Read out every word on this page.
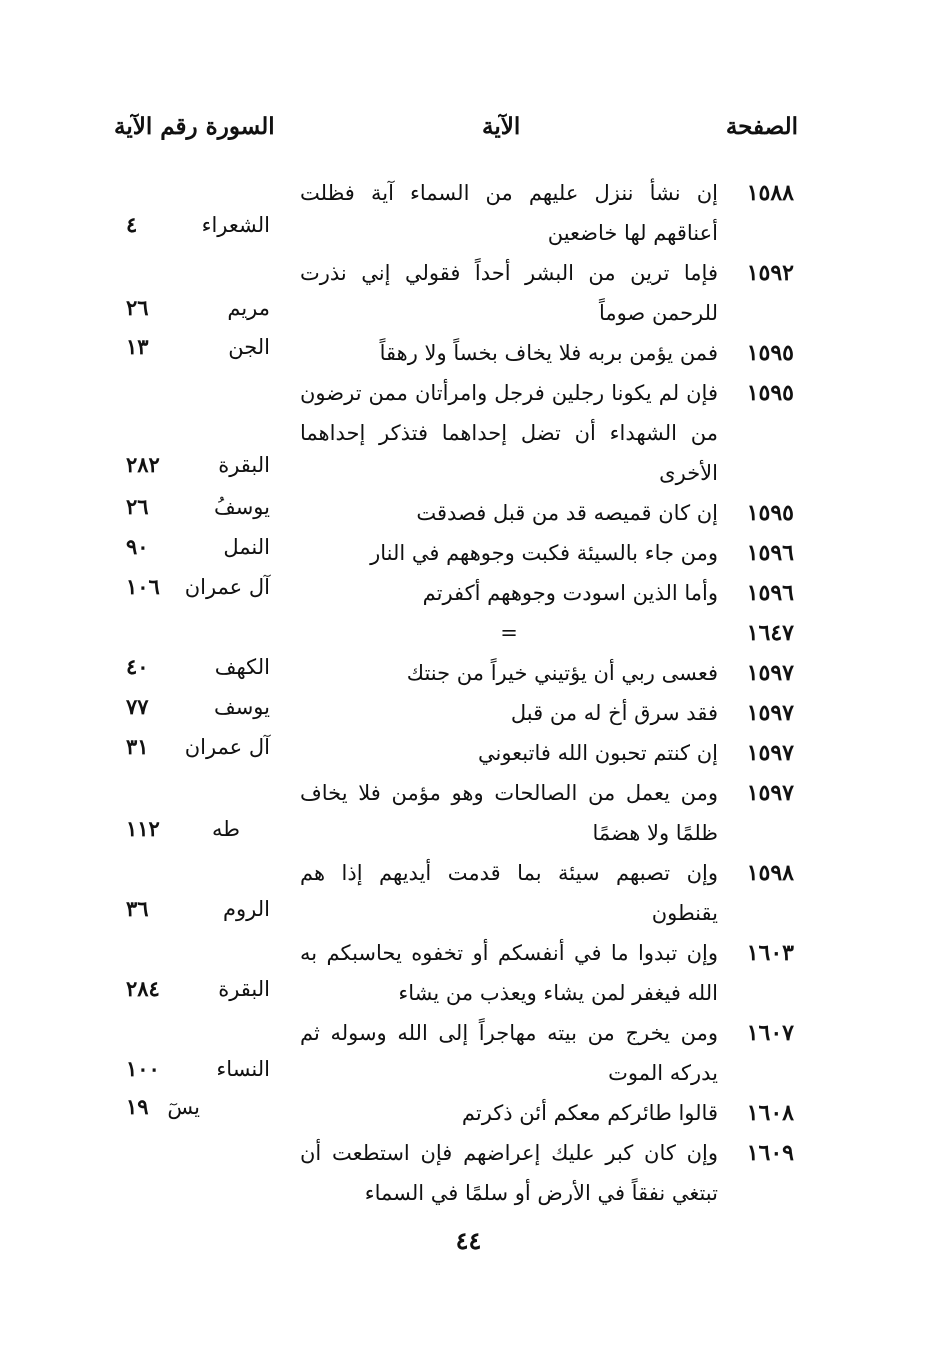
الصفحة
الآية
السورة رقم الآية
١٥٨٨
إن نشأ ننزل عليهم من السماء آية فظلت أعناقهم لها خاضعين
الشعراء
٤
١٥٩٢
فإما ترين من البشر أحداً فقولي إني نذرت للرحمن صوماً
مريم
٢٦
١٥٩٥
فمن يؤمن بربه فلا يخاف بخساً ولا رهقاً
الجن
١٣
١٥٩٥
فإن لم يكونا رجلين فرجل وامرأتان ممن ترضون من الشهداء أن تضل إحداهما فتذكر إحداهما الأخرى
البقرة
٢٨٢
١٥٩٥
إن كان قميصه قد من قبل فصدقت
يوسفُ
٢٦
١٥٩٦
ومن جاء بالسيئة فكبت وجوههم في النار
النمل
٩٠
١٥٩٦
وأما الذين اسودت وجوههم أكفرتم
آل عمران
١٠٦
١٦٤٧
=
١٥٩٧
فعسى ربي أن يؤتيني خيراً من جنتك
الكهف
٤٠
١٥٩٧
فقد سرق أخ له من قبل
يوسف
٧٧
١٥٩٧
إن كنتم تحبون الله فاتبعوني
آل عمران
٣١
١٥٩٧
ومن يعمل من الصالحات وهو مؤمن فلا يخاف ظلمًا ولا هضمًا
طه
١١٢
١٥٩٨
وإن تصبهم سيئة بما قدمت أيديهم إذا هم يقنطون
الروم
٣٦
١٦٠٣
وإن تبدوا ما في أنفسكم أو تخفوه يحاسبكم به الله فيغفر لمن يشاء ويعذب من يشاء
البقرة
٢٨٤
١٦٠٧
ومن يخرج من بيته مهاجراً إلى الله وسوله ثم يدركه الموت
النساء
١٠٠
١٦٠٨
قالوا طائركم معكم أئن ذكرتم
يسٓ
١٩
١٦٠٩
وإن كان كبر عليك إعراضهم فإن استطعت أن تبتغي نفقاً في الأرض أو سلمًا في السماء
٤٤
